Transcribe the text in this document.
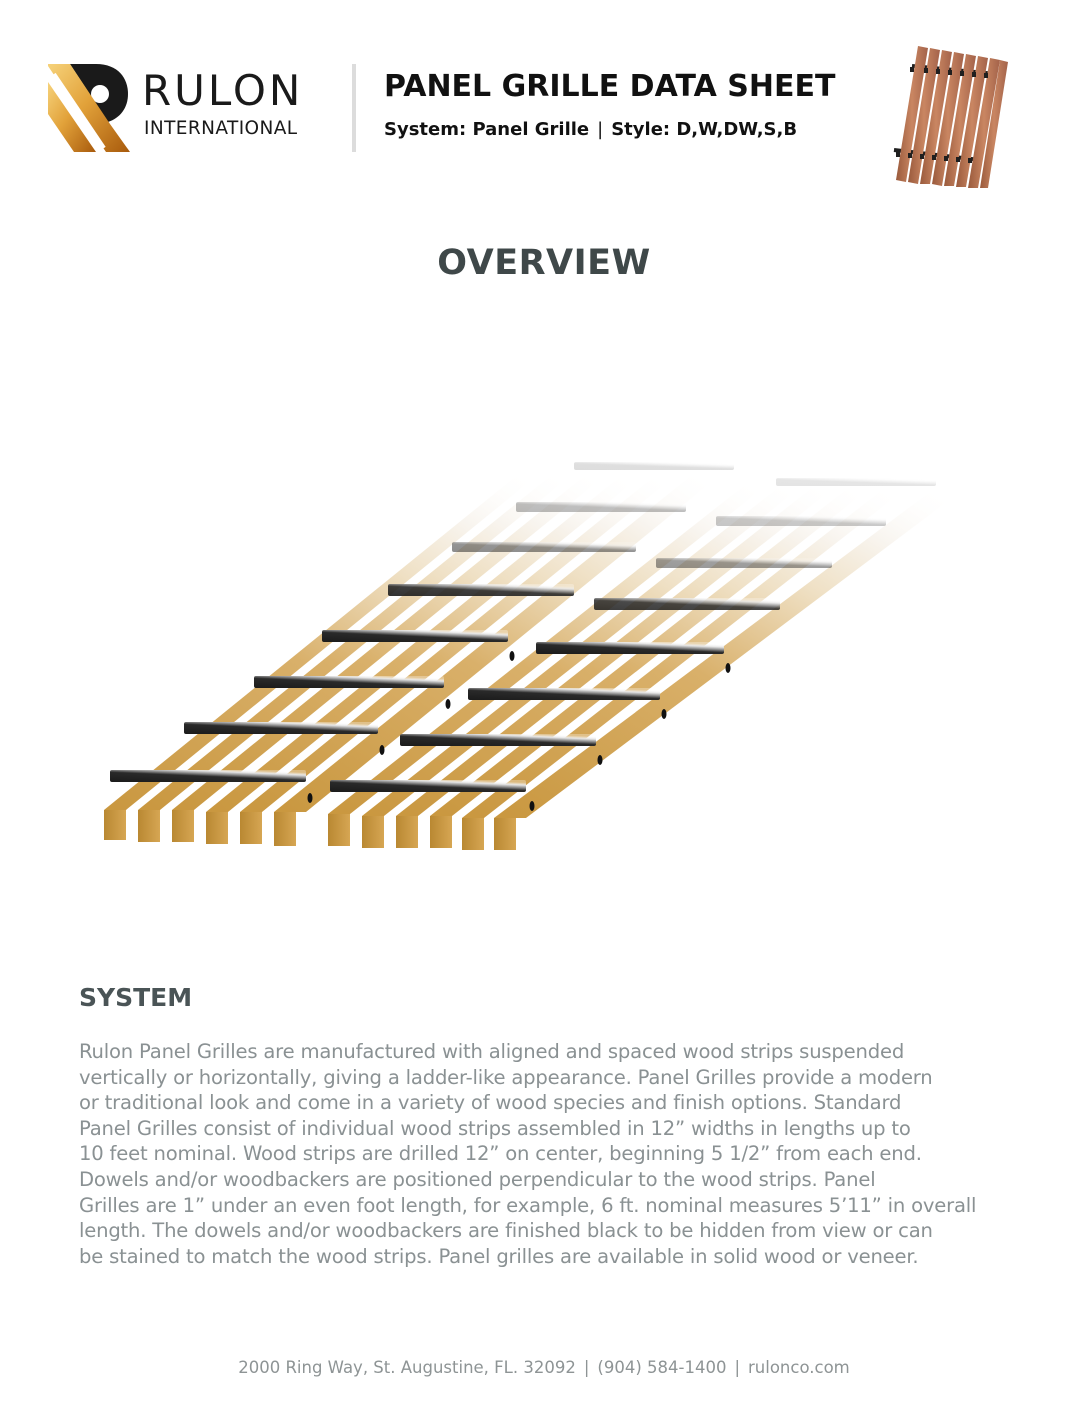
RULON
INTERNATIONAL
PANEL GRILLE DATA SHEET
System: Panel Grille | Style: D,W,DW,S,B
OVERVIEW
SYSTEM
Rulon Panel Grilles are manufactured with aligned and spaced wood strips suspended
vertically or horizontally, giving a ladder-like appearance. Panel Grilles provide a modern
or traditional look and come in a variety of wood species and finish options. Standard
Panel Grilles consist of individual wood strips assembled in 12” widths in lengths up to
10 feet nominal. Wood strips are drilled 12” on center, beginning 5 1/2” from each end.
Dowels and/or woodbackers are positioned perpendicular to the wood strips. Panel
Grilles are 1” under an even foot length, for example, 6 ft. nominal measures 5’11” in overall
length. The dowels and/or woodbackers are finished black to be hidden from view or can
be stained to match the wood strips. Panel grilles are available in solid wood or veneer.
2000 Ring Way, St. Augustine, FL. 32092 | (904) 584-1400 | rulonco.com
